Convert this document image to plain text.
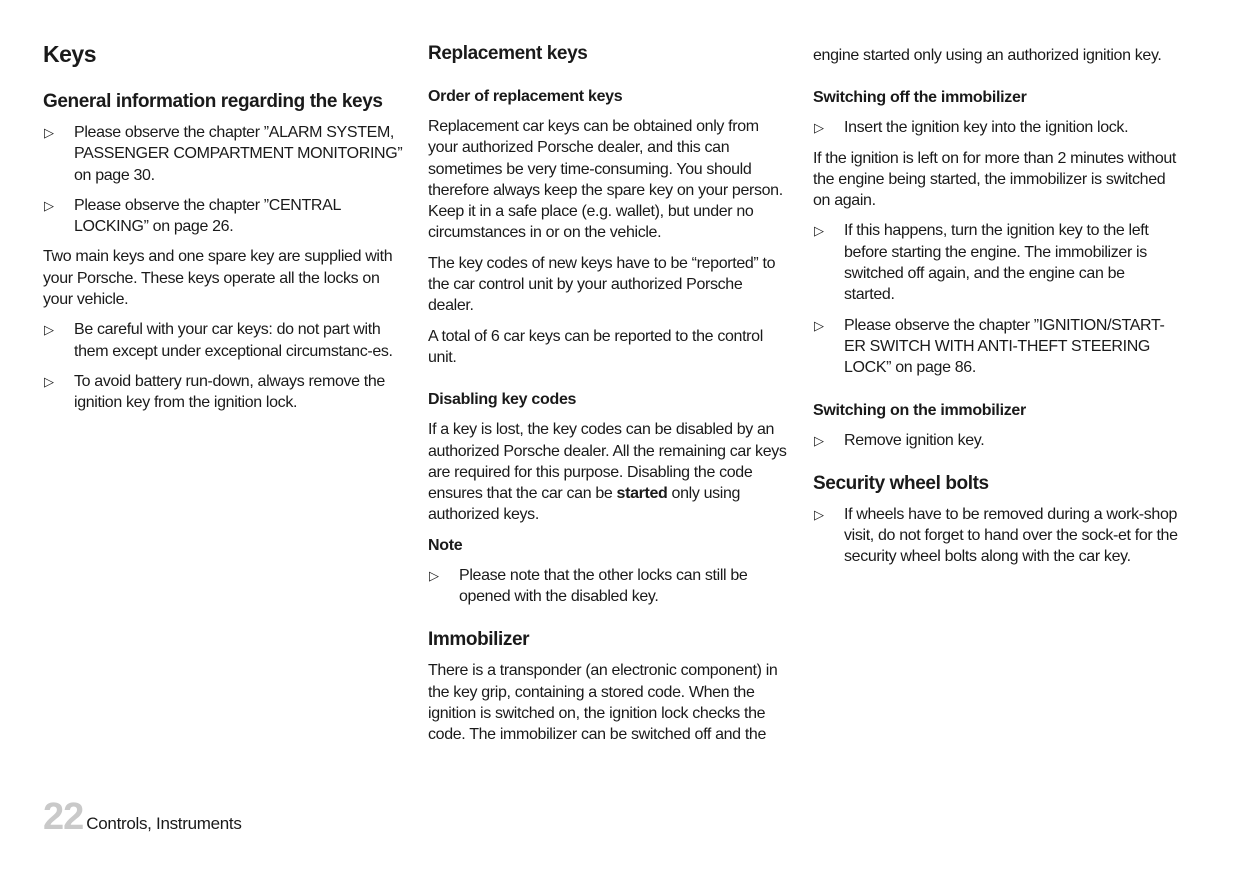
Keys
General information regarding the keys
▷ Please observe the chapter ”ALARM SYSTEM, PASSENGER COMPARTMENT MONITORING” on page 30.
▷ Please observe the chapter ”CENTRAL LOCKING” on page 26.

Two main keys and one spare key are supplied with your Porsche. These keys operate all the locks on your vehicle.

▷ Be careful with your car keys: do not part with them except under exceptional circumstanc-es.
▷ To avoid battery run-down, always remove the ignition key from the ignition lock.
Replacement keys
Order of replacement keys

Replacement car keys can be obtained only from your authorized Porsche dealer, and this can sometimes be very time-consuming. You should therefore always keep the spare key on your person. Keep it in a safe place (e.g. wallet), but under no circumstances in or on the vehicle.

The key codes of new keys have to be “reported” to the car control unit by your authorized Porsche dealer.

A total of 6 car keys can be reported to the control unit.

Disabling key codes

If a key is lost, the key codes can be disabled by an authorized Porsche dealer. All the remaining car keys are required for this purpose. Disabling the code ensures that the car can be started only using authorized keys.

Note
▷ Please note that the other locks can still be opened with the disabled key.
Immobilizer

There is a transponder (an electronic component) in the key grip, containing a stored code. When the ignition is switched on, the ignition lock checks the code. The immobilizer can be switched off and the

engine started only using an authorized ignition key.

Switching off the immobilizer
▷ Insert the ignition key into the ignition lock.

If the ignition is left on for more than 2 minutes without the engine being started, the immobilizer is switched on again.

▷ If this happens, turn the ignition key to the left before starting the engine. The immobilizer is switched off again, and the engine can be started.
▷ Please observe the chapter ”IGNITION/START-ER SWITCH WITH ANTI-THEFT STEERING LOCK” on page 86.
Switching on the immobilizer
▷ Remove ignition key.
Security wheel bolts
▷ If wheels have to be removed during a work-shop visit, do not forget to hand over the sock-et for the security wheel bolts along with the car key.
22 Controls, Instruments
